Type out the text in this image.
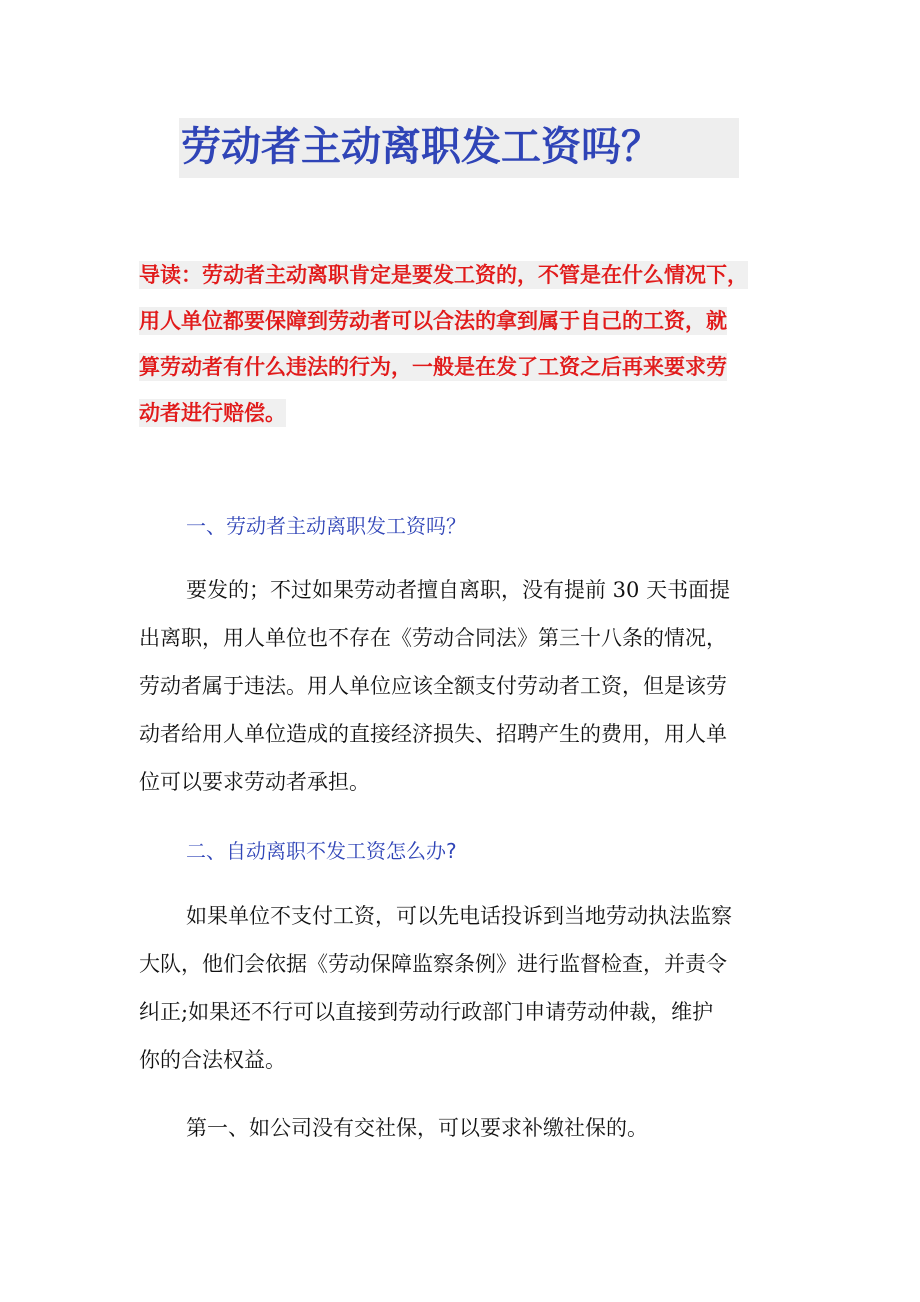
劳动者主动离职发工资吗？
导读：劳动者主动离职肯定是要发工资的，不管是在什么情况下，
用人单位都要保障到劳动者可以合法的拿到属于自己的工资，就
算劳动者有什么违法的行为，一般是在发了工资之后再来要求劳
动者进行赔偿。
一、劳动者主动离职发工资吗？
要发的；不过如果劳动者擅自离职，没有提前 30 天书面提
出离职，用人单位也不存在《劳动合同法》第三十八条的情况，
劳动者属于违法。用人单位应该全额支付劳动者工资，但是该劳
动者给用人单位造成的直接经济损失、招聘产生的费用，用人单
位可以要求劳动者承担。
二、自动离职不发工资怎么办?
如果单位不支付工资，可以先电话投诉到当地劳动执法监察
大队，他们会依据《劳动保障监察条例》进行监督检查，并责令
纠正;如果还不行可以直接到劳动行政部门申请劳动仲裁，维护
你的合法权益。
第一、如公司没有交社保，可以要求补缴社保的。
